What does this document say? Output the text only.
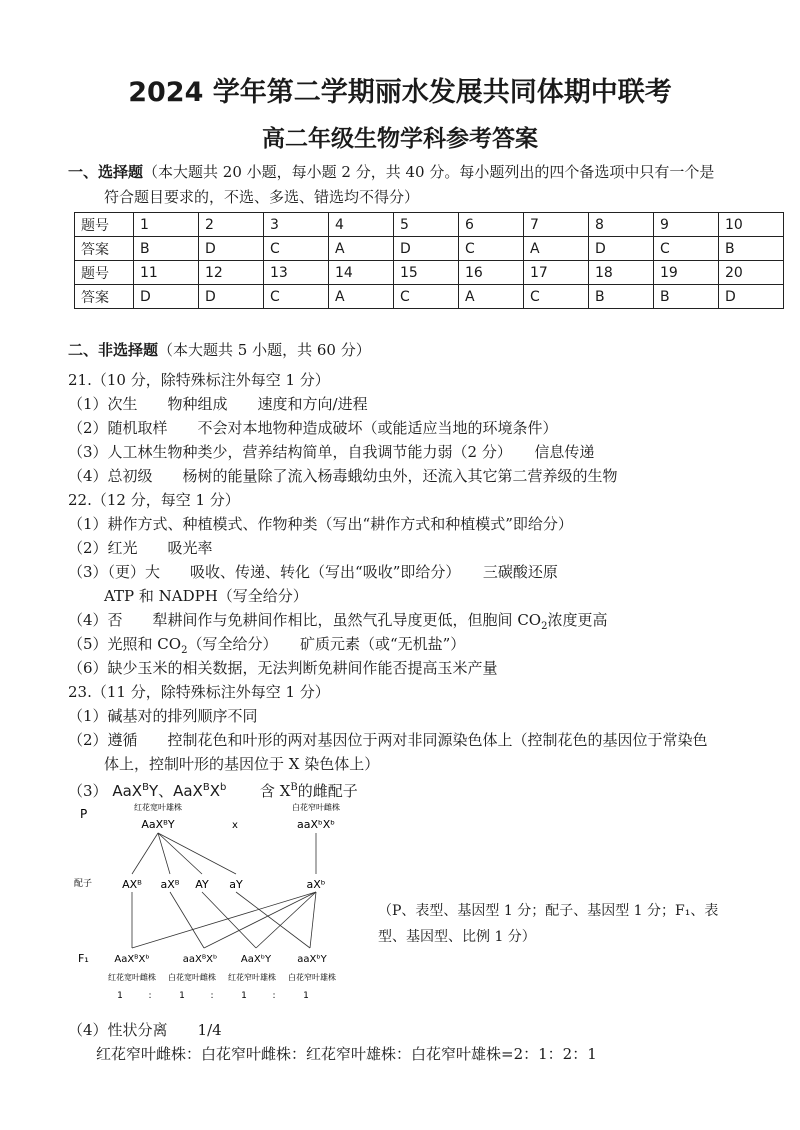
2024 学年第二学期丽水发展共同体期中联考
高二年级生物学科参考答案
一、选择题（本大题共 20 小题，每小题 2 分，共 40 分。每小题列出的四个备选项中只有一个是
符合题目要求的，不选、多选、错选均不得分）
题号	1	2	3	4	5	6	7	8	9	10
答案	B	D	C	A	D	C	A	D	C	B
题号	11	12	13	14	15	16	17	18	19	20
答案	D	D	C	A	C	A	C	B	B	D
二、非选择题（本大题共 5 小题，共 60 分）
21.（10 分，除特殊标注外每空 1 分）
（1）次生　　物种组成　　速度和方向/进程
（2）随机取样　　不会对本地物种造成破坏（或能适应当地的环境条件）
（3）人工林生物种类少，营养结构简单，自我调节能力弱（2 分）　　信息传递
（4）总初级　　杨树的能量除了流入杨毒蛾幼虫外，还流入其它第二营养级的生物
22.（12 分，每空 1 分）
（1）耕作方式、种植模式、作物种类（写出“耕作方式和种植模式”即给分）
（2）红光　　吸光率
（3）（更）大　　吸收、传递、转化（写出“吸收”即给分）　　三碳酸还原
ATP 和 NADPH（写全给分）
（4）否　　犁耕间作与免耕间作相比，虽然气孔导度更低，但胞间 $CO_2$浓度更高
（5）光照和 $CO_2$（写全给分）　　矿质元素（或“无机盐”）
（6）缺少玉米的相关数据，无法判断免耕间作能否提高玉米产量
23.（11 分，除特殊标注外每空 1 分）
（1）碱基对的排列顺序不同
（2）遵循　　控制花色和叶形的两对基因位于两对非同源染色体上（控制花色的基因位于常染色
体上，控制叶形的基因位于 X 染色体上）
（3） AaX$^B$Y、$AaX^BX^b$ 含 $X^B$的雌配子
P	红花宽叶雄株
AaXᴮY	x
白花窄叶雌株
aaXᵇXᵇ
配子	AXᴮ aXᴮ AY aY	aXᵇ
F₁	AaXᴮXᵇ	aaXᴮXᵇ AaXᵇY	aaXᵇY
红花宽叶雌株 白花宽叶雌株 红花窄叶雄株 白花窄叶雄株
1	:	1	:	1	:	1
（P、表型、基因型 1 分；配子、基因型 1 分；F₁、表型、基因型、比例 1 分）
（4）性状分离　　1/4
红花窄叶雌株：白花窄叶雌株：红花窄叶雄株：白花窄叶雄株=2：1：2：1
